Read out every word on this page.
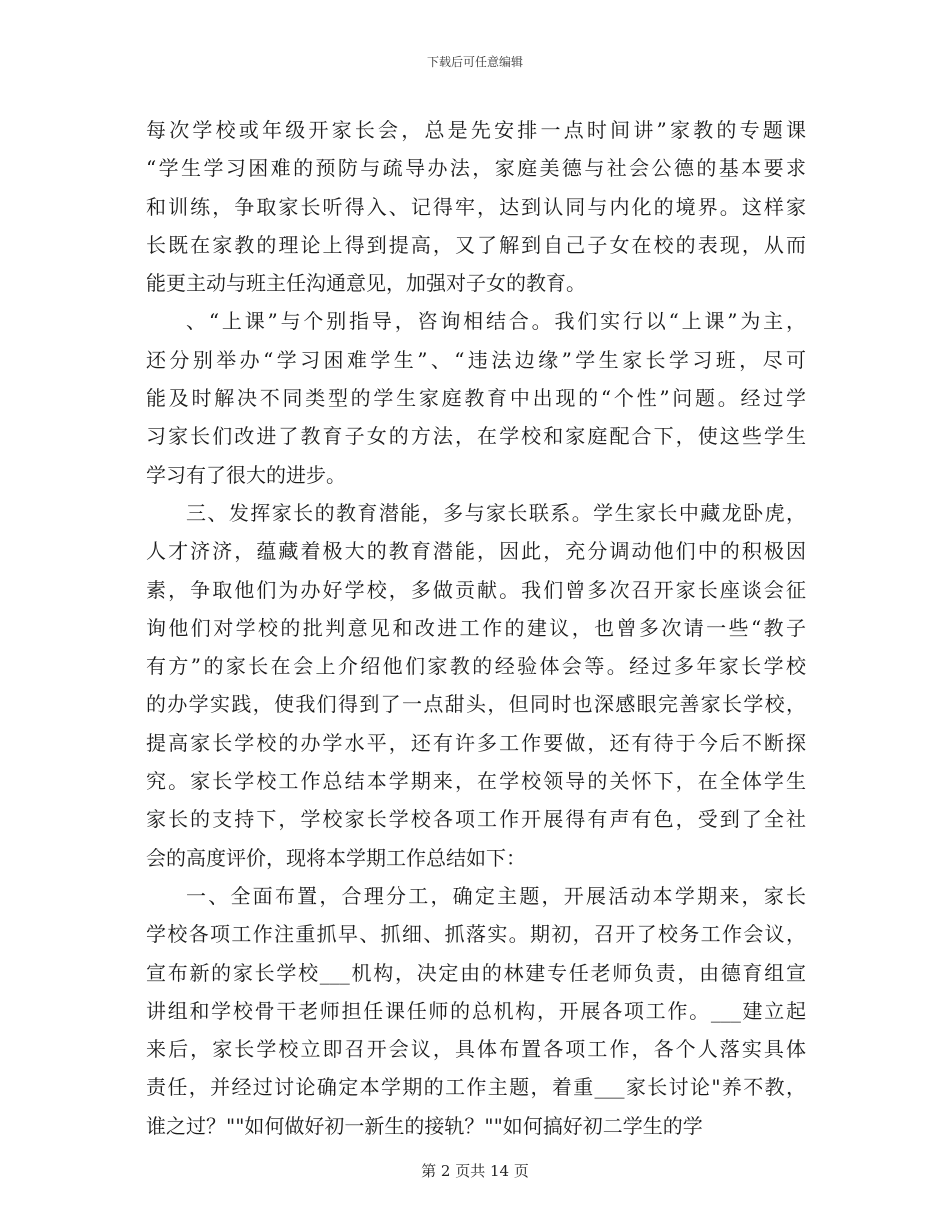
下载后可任意编辑
每次学校或年级开家长会，总是先安排一点时间讲”家教的专题课
“学生学习困难的预防与疏导办法，家庭美德与社会公德的基本要求
和训练，争取家长听得入、记得牢，达到认同与内化的境界。这样家
长既在家教的理论上得到提高，又了解到自己子女在校的表现，从而
能更主动与班主任沟通意见，加强对子女的教育。
、“上课”与个别指导，咨询相结合。我们实行以“上课”为主，
还分别举办“学习困难学生”、“违法边缘”学生家长学习班，尽可
能及时解决不同类型的学生家庭教育中出现的“个性”问题。经过学
习家长们改进了教育子女的方法，在学校和家庭配合下，使这些学生
学习有了很大的进步。
三、发挥家长的教育潜能，多与家长联系。学生家长中藏龙卧虎，
人才济济，蕴藏着极大的教育潜能，因此，充分调动他们中的积极因
素，争取他们为办好学校，多做贡献。我们曾多次召开家长座谈会征
询他们对学校的批判意见和改进工作的建议，也曾多次请一些“教子
有方”的家长在会上介绍他们家教的经验体会等。经过多年家长学校
的办学实践，使我们得到了一点甜头，但同时也深感眼完善家长学校，
提高家长学校的办学水平，还有许多工作要做，还有待于今后不断探
究。家长学校工作总结本学期来，在学校领导的关怀下，在全体学生
家长的支持下，学校家长学校各项工作开展得有声有色，受到了全社
会的高度评价，现将本学期工作总结如下：
一、全面布置，合理分工，确定主题，开展活动本学期来，家长
学校各项工作注重抓早、抓细、抓落实。期初，召开了校务工作会议，
宣布新的家长学校___机构，决定由的林建专任老师负责，由德育组宣
讲组和学校骨干老师担任课任师的总机构，开展各项工作。___建立起
来后，家长学校立即召开会议，具体布置各项工作，各个人落实具体
责任，并经过讨论确定本学期的工作主题，着重___家长讨论"养不教，
谁之过？""如何做好初一新生的接轨？""如何搞好初二学生的学
第 2 页共 14 页
